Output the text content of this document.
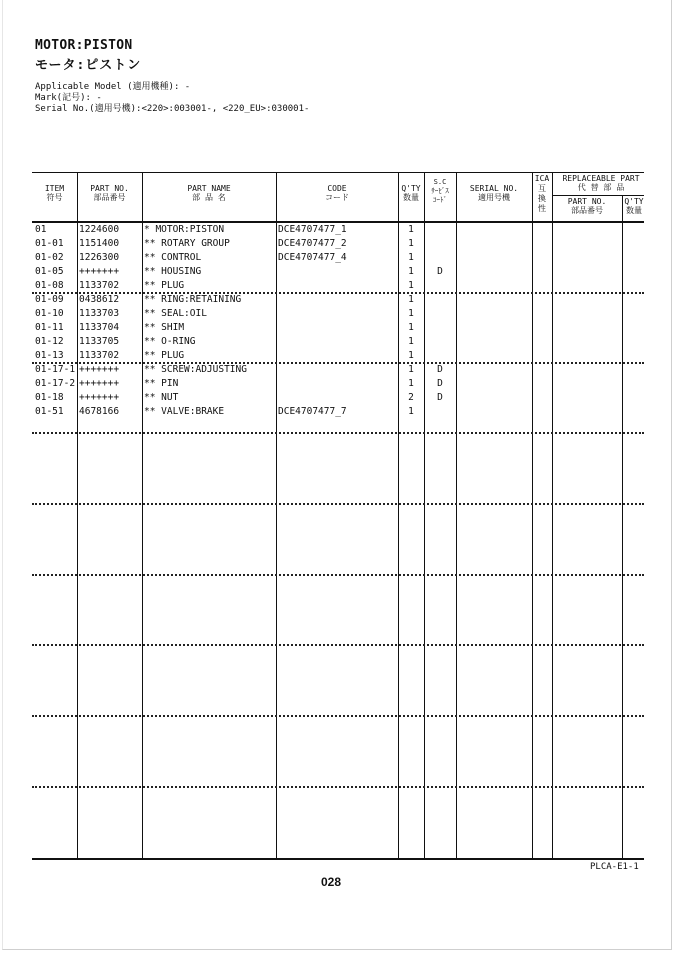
MOTOR:PISTON
モータ:ピストン
Applicable Model (適用機種): -
Mark(記号): -
Serial No.(適用号機):<220>:003001-, <220_EU>:030001-
ITEM
符号
PART NO.
部品番号
PART NAME
部 品 名
CODE
コード
Q'TY
数量
S.C
ｻｰﾋﾞｽ
ｺｰﾄﾞ
SERIAL NO.
適用号機
ICA
互
換
性
REPLACEABLE PART
代 替 部 品
PART NO.
部品番号
Q'TY
数量
01	1224600	* MOTOR:PISTON	DCE4707477_1	1
01-01 1151400	** ROTARY GROUP	DCE4707477_2	1
01-02 1226300	** CONTROL	DCE4707477_4	1
01-05 +++++++	** HOUSING	1	D
01-08 1133702	** PLUG	1
01-09 0438612	** RING:RETAINING	1
01-10 1133703	** SEAL:OIL	1
01-11 1133704	** SHIM	1
01-12 1133705	** O-RING	1
01-13 1133702	** PLUG	1
01-17-1 +++++++	** SCREW:ADJUSTING	1	D
01-17-2 +++++++	** PIN	1	D
01-18 +++++++	** NUT	2	D
01-51 4678166	** VALVE:BRAKE	DCE4707477_7	1
PLCA-E1-1
028
